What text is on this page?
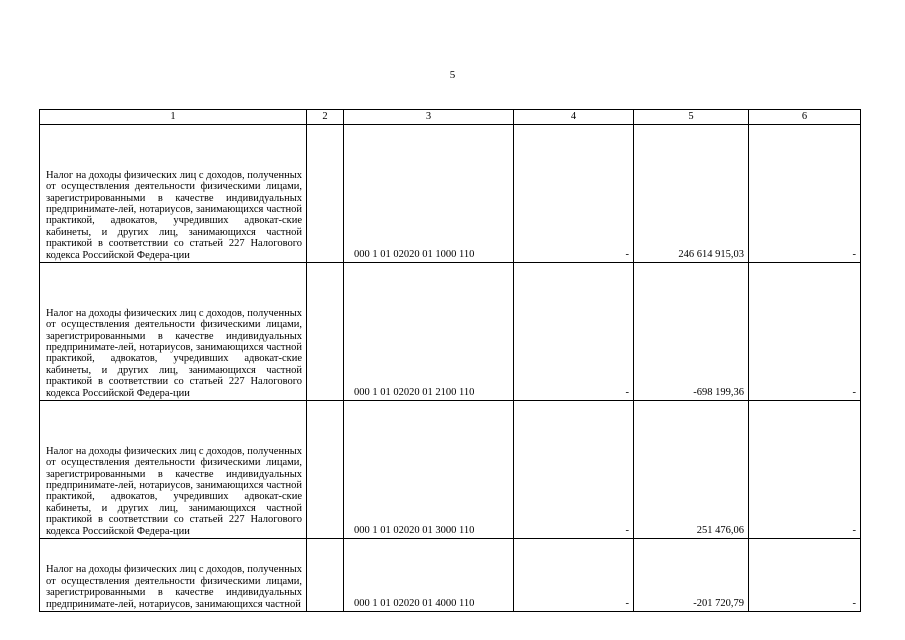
5
1	2	3	4	5	6
Налог на доходы физических лиц с доходов, полученных от осуществления деятельности физическими лицами, зарегистрированными в качестве индивидуальных предпринимате-лей, нотариусов, занимающихся частной практикой, адвокатов, учредивших адвокат-ские кабинеты, и других лиц, занимающихся частной практикой в соответствии со статьей 227 Налогового кодекса Российской Федера-ции		000 1 01 02020 01 1000 110	-	246 614 915,03	-
Налог на доходы физических лиц с доходов, полученных от осуществления деятельности физическими лицами, зарегистрированными в качестве индивидуальных предпринимате-лей, нотариусов, занимающихся частной практикой, адвокатов, учредивших адвокат-ские кабинеты, и других лиц, занимающихся частной практикой в соответствии со статьей 227 Налогового кодекса Российской Федера-ции		000 1 01 02020 01 2100 110	-	-698 199,36	-
Налог на доходы физических лиц с доходов, полученных от осуществления деятельности физическими лицами, зарегистрированными в качестве индивидуальных предпринимате-лей, нотариусов, занимающихся частной практикой, адвокатов, учредивших адвокат-ские кабинеты, и других лиц, занимающихся частной практикой в соответствии со статьей 227 Налогового кодекса Российской Федера-ции		000 1 01 02020 01 3000 110	-	251 476,06	-
Налог на доходы физических лиц с доходов, полученных от осуществления деятельности физическими лицами, зарегистрированными в качестве индивидуальных предпринимате-лей, нотариусов, занимающихся частной		000 1 01 02020 01 4000 110	-	-201 720,79	-
